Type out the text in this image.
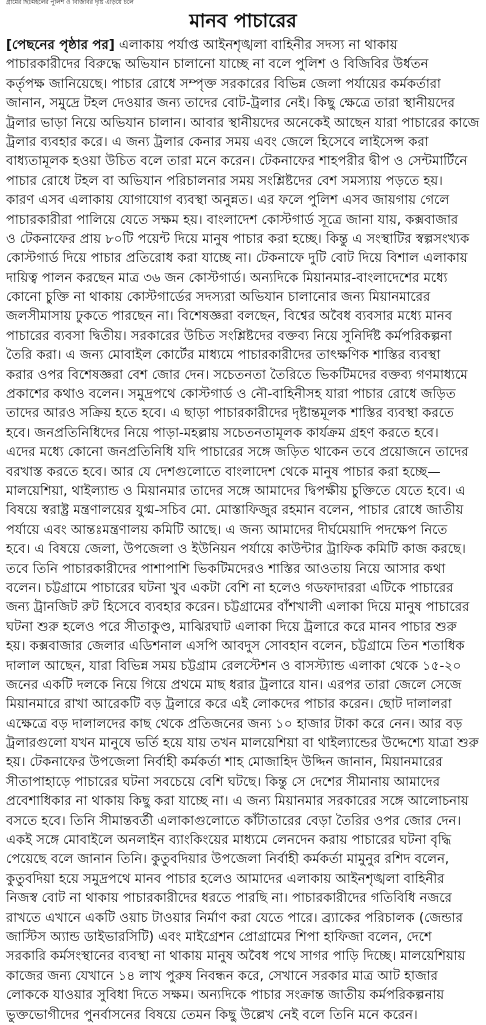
গ্রামের ছিটমহলের পুলিশ ও বিজিবির দৃষ্টি এড়িয়ে চলে
মানব পাচারের
[পেছনের পৃষ্ঠার পর] এলাকায় পর্যাপ্ত আইনশৃঙ্খলা বাহিনীর সদস্য না থাকায়
পাচারকারীদের বিরুদ্ধে অভিযান চালানো যাচ্ছে না বলে পুলিশ ও বিজিবির উর্ধতন
কর্তৃপক্ষ জানিয়েছে। পাচার রোধে সম্পৃক্ত সরকারের বিভিন্ন জেলা পর্যায়ের কর্মকর্তারা
জানান, সমুদ্রে টহল দেওয়ার জন্য তাদের বোট-ট্রলার নেই। কিছু ক্ষেত্রে তারা স্থানীয়দের
ট্রলার ভাড়া নিয়ে অভিযান চালান। আবার স্থানীয়দের অনেকেই আছেন যারা পাচারের কাজে
ট্রলার ব্যবহার করে। এ জন্য ট্রলার কেনার সময় এবং জেলে হিসেবে লাইসেন্স করা
বাধ্যতামূলক হওয়া উচিত বলে তারা মনে করেন। টেকনাফের শাহপরীর দ্বীপ ও সেন্টমার্টিনে
পাচার রোধে টহল বা অভিযান পরিচালনার সময় সংশ্লিষ্টদের বেশ সমস্যায় পড়তে হয়।
কারণ এসব এলাকায় যোগাযোগ ব্যবস্থা অনুন্নত। এর ফলে পুলিশ এসব জায়গায় গেলে
পাচারকারীরা পালিয়ে যেতে সক্ষম হয়। বাংলাদেশ কোস্টগার্ড সূত্রে জানা যায়, কক্সবাজার
ও টেকনাফের প্রায় ৮০টি পয়েন্ট দিয়ে মানুষ পাচার করা হচ্ছে। কিন্তু এ সংস্থাটির স্বল্পসংখ্যক
কোস্টগার্ড দিয়ে পাচার প্রতিরোধ করা যাচ্ছে না। টেকনাফে দুটি বোট দিয়ে বিশাল এলাকায়
দায়িত্ব পালন করছেন মাত্র ৩৬ জন কোস্টগার্ড। অন্যদিকে মিয়ানমার-বাংলাদেশের মধ্যে
কোনো চুক্তি না থাকায় কোস্টগার্ডের সদস্যরা অভিযান চালানোর জন্য মিয়ানমারের
জলসীমাসায় ঢুকতে পারছেন না। বিশেষজ্ঞরা বলছেন, বিশ্বের অবৈধ ব্যবসার মধ্যে মানব
পাচারের ব্যবসা দ্বিতীয়। সরকারের উচিত সংশ্লিষ্টদের বক্তব্য নিয়ে সুনির্দিষ্ট কর্মপরিকল্পনা
তৈরি করা। এ জন্য মোবাইল কোর্টের মাধ্যমে পাচারকারীদের তাৎক্ষণিক শাস্তির ব্যবস্থা
করার ওপর বিশেষজ্ঞরা বেশ জোর দেন। সচেতনতা তৈরিতে ভিকটিমদের বক্তব্য গণমাধ্যমে
প্রকাশের কথাও বলেন। সমুদ্রপথে কোস্টগার্ড ও নৌ-বাহিনীসহ যারা পাচার রোধে জড়িত
তাদের আরও সক্রিয় হতে হবে। এ ছাড়া পাচারকারীদের দৃষ্টান্তমূলক শাস্তির ব্যবস্থা করতে
হবে। জনপ্রতিনিধিদের নিয়ে পাড়া-মহল্লায় সচেতনতামূলক কার্যক্রম গ্রহণ করতে হবে।
এদের মধ্যে কোনো জনপ্রতিনিধি যদি পাচারের সঙ্গে জড়িত থাকেন তবে প্রয়োজনে তাদের
বরখাস্ত করতে হবে। আর যে দেশগুলোতে বাংলাদেশ থেকে মানুষ পাচার করা হচ্ছে—
মালয়েশিয়া, থাইল্যান্ড ও মিয়ানমার তাদের সঙ্গে আমাদের দ্বিপক্ষীয় চুক্তিতে যেতে হবে। এ
বিষয়ে স্বরাষ্ট্র মন্ত্রণালয়ের যুগ্ম-সচিব মো. মোস্তাফিজুর রহমান বলেন, পাচার রোধে জাতীয়
পর্যায়ে এবং আন্তঃমন্ত্রণালয় কমিটি আছে। এ জন্য আমাদের দীর্ঘমেয়াদি পদক্ষেপ নিতে
হবে। এ বিষয়ে জেলা, উপজেলা ও ইউনিয়ন পর্যায়ে কাউন্টার ট্রাফিক কমিটি কাজ করছে।
তবে তিনি পাচারকারীদের পাশাপাশি ভিকটিমদেরও শাস্তির আওতায় নিয়ে আসার কথা
বলেন। চট্টগ্রামে পাচারের ঘটনা খুব একটা বেশি না হলেও গডফাদাররা এটিকে পাচারের
জন্য ট্রানজিট রুট হিসেবে ব্যবহার করেন। চট্টগ্রামের বাঁশখালী এলাকা দিয়ে মানুষ পাচারের
ঘটনা শুরু হলেও পরে সীতাকুণ্ড, মাঝিরঘাট এলাকা দিয়ে ট্রলারে করে মানব পাচার শুরু
হয়। কক্সবাজার জেলার এডিশনাল এসপি আবদুস সোবহান বলেন, চট্টগ্রামে তিন শতাধিক
দালাল আছেন, যারা বিভিন্ন সময় চট্টগ্রাম রেলস্টেশন ও বাসস্ট্যান্ড এলাকা থেকে ১৫-২০
জনের একটি দলকে নিয়ে গিয়ে প্রথমে মাছ ধরার ট্রলারে যান। এরপর তারা জেলে সেজে
মিয়ানমারে রাখা আরেকটি বড় ট্রলারে করে এই লোকদের পাচার করেন। ছোট দালালরা
এক্ষেত্রে বড় দালালদের কাছ থেকে প্রতিজনের জন্য ১০ হাজার টাকা করে নেন। আর বড়
ট্রলারগুলো যখন মানুষে ভর্তি হয়ে যায় তখন মালয়েশিয়া বা থাইল্যান্ডের উদ্দেশ্যে যাত্রা শুরু
হয়। টেকনাফের উপজেলা নির্বাহী কর্মকর্তা শাহ মোজাহিদ উদ্দিন জানান, মিয়ানমারের
সীতাপাহাড়ে পাচারের ঘটনা সবচেয়ে বেশি ঘটছে। কিন্তু সে দেশের সীমানায় আমাদের
প্রবেশাধিকার না থাকায় কিছু করা যাচ্ছে না। এ জন্য মিয়ানমার সরকারের সঙ্গে আলোচনায়
বসতে হবে। তিনি সীমান্তবর্তী এলাকাগুলোতে কাঁটাতারের বেড়া তৈরির ওপর জোর দেন।
একই সঙ্গে মোবাইলে অনলাইন ব্যাংকিংয়ের মাধ্যমে লেনদেন করায় পাচারের ঘটনা বৃদ্ধি
পেয়েছে বলে জানান তিনি। কুতুবদিয়ার উপজেলা নির্বাহী কর্মকর্তা মামুনুর রশিদ বলেন,
কুতুবদিয়া হয়ে সমুদ্রপথে মানব পাচার হলেও আমাদের এলাকায় আইনশৃঙ্খলা বাহিনীর
নিজস্ব বোট না থাকায় পাচারকারীদের ধরতে পারছি না। পাচারকারীদের গতিবিধি নজরে
রাখতে এখানে একটি ওয়াচ টাওয়ার নির্মাণ করা যেতে পারে। ব্র্যাকের পরিচালক (জেন্ডার
জাস্টিস অ্যান্ড ডাইভারসিটি) এবং মাইগ্রেশন প্রোগ্রামের শিপা হাফিজা বলেন, দেশে
সরকারি কর্মসংস্থানের ব্যবস্থা না থাকায় মানুষ অবৈধ পথে সাগর পাড়ি দিচ্ছে। মালয়েশিয়ায়
কাজের জন্য যেখানে ১৪ লাখ পুরুষ নিবন্ধন করে, সেখানে সরকার মাত্র আট হাজার
লোককে যাওয়ার সুবিধা দিতে সক্ষম। অন্যদিকে পাচার সংক্রান্ত জাতীয় কর্মপরিকল্পনায়
ভুক্তভোগীদের পুনর্বাসনের বিষয়ে তেমন কিছু উল্লেখ নেই বলে তিনি মনে করেন।
